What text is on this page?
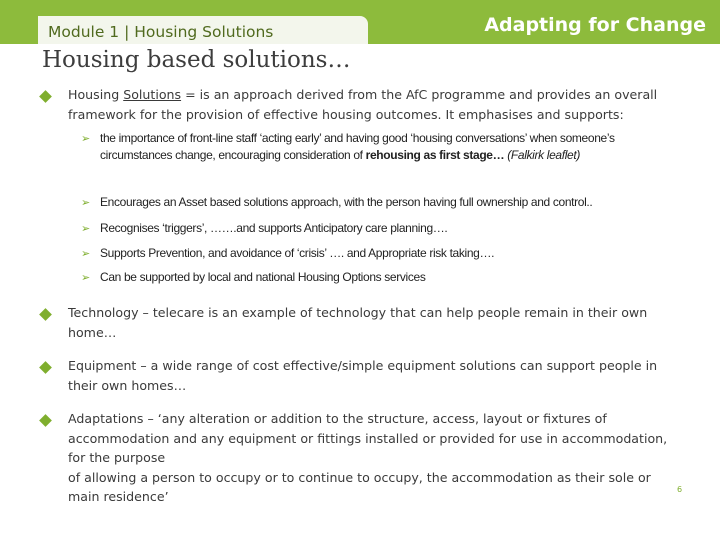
Module 1 | Housing Solutions	Adapting for Change
Housing based solutions…
Housing Solutions = is an approach derived from the AfC programme and provides an overall framework for the provision of effective housing outcomes. It emphasises and supports:
➢ the importance of front-line staff ‘acting early’ and having good ‘housing conversations’ when someone’s circumstances change, encouraging consideration of rehousing as first stage… (Falkirk leaflet)
➢ Encourages an Asset based solutions approach, with the person having full ownership and control..
➢ Recognises ‘triggers’, …….and supports Anticipatory care planning….
➢ Supports Prevention, and avoidance of ‘crisis’ …. and Appropriate risk taking….
➢ Can be supported by local and national Housing Options services
Technology – telecare is an example of technology that can help people remain in their own home…
Equipment – a wide range of cost effective/simple equipment solutions can support people in their own homes…
Adaptations – ‘any alteration or addition to the structure, access, layout or fixtures of accommodation and any equipment or fittings installed or provided for use in accommodation, for the purpose
of allowing a person to occupy or to continue to occupy, the accommodation as their sole or main residence’	6
